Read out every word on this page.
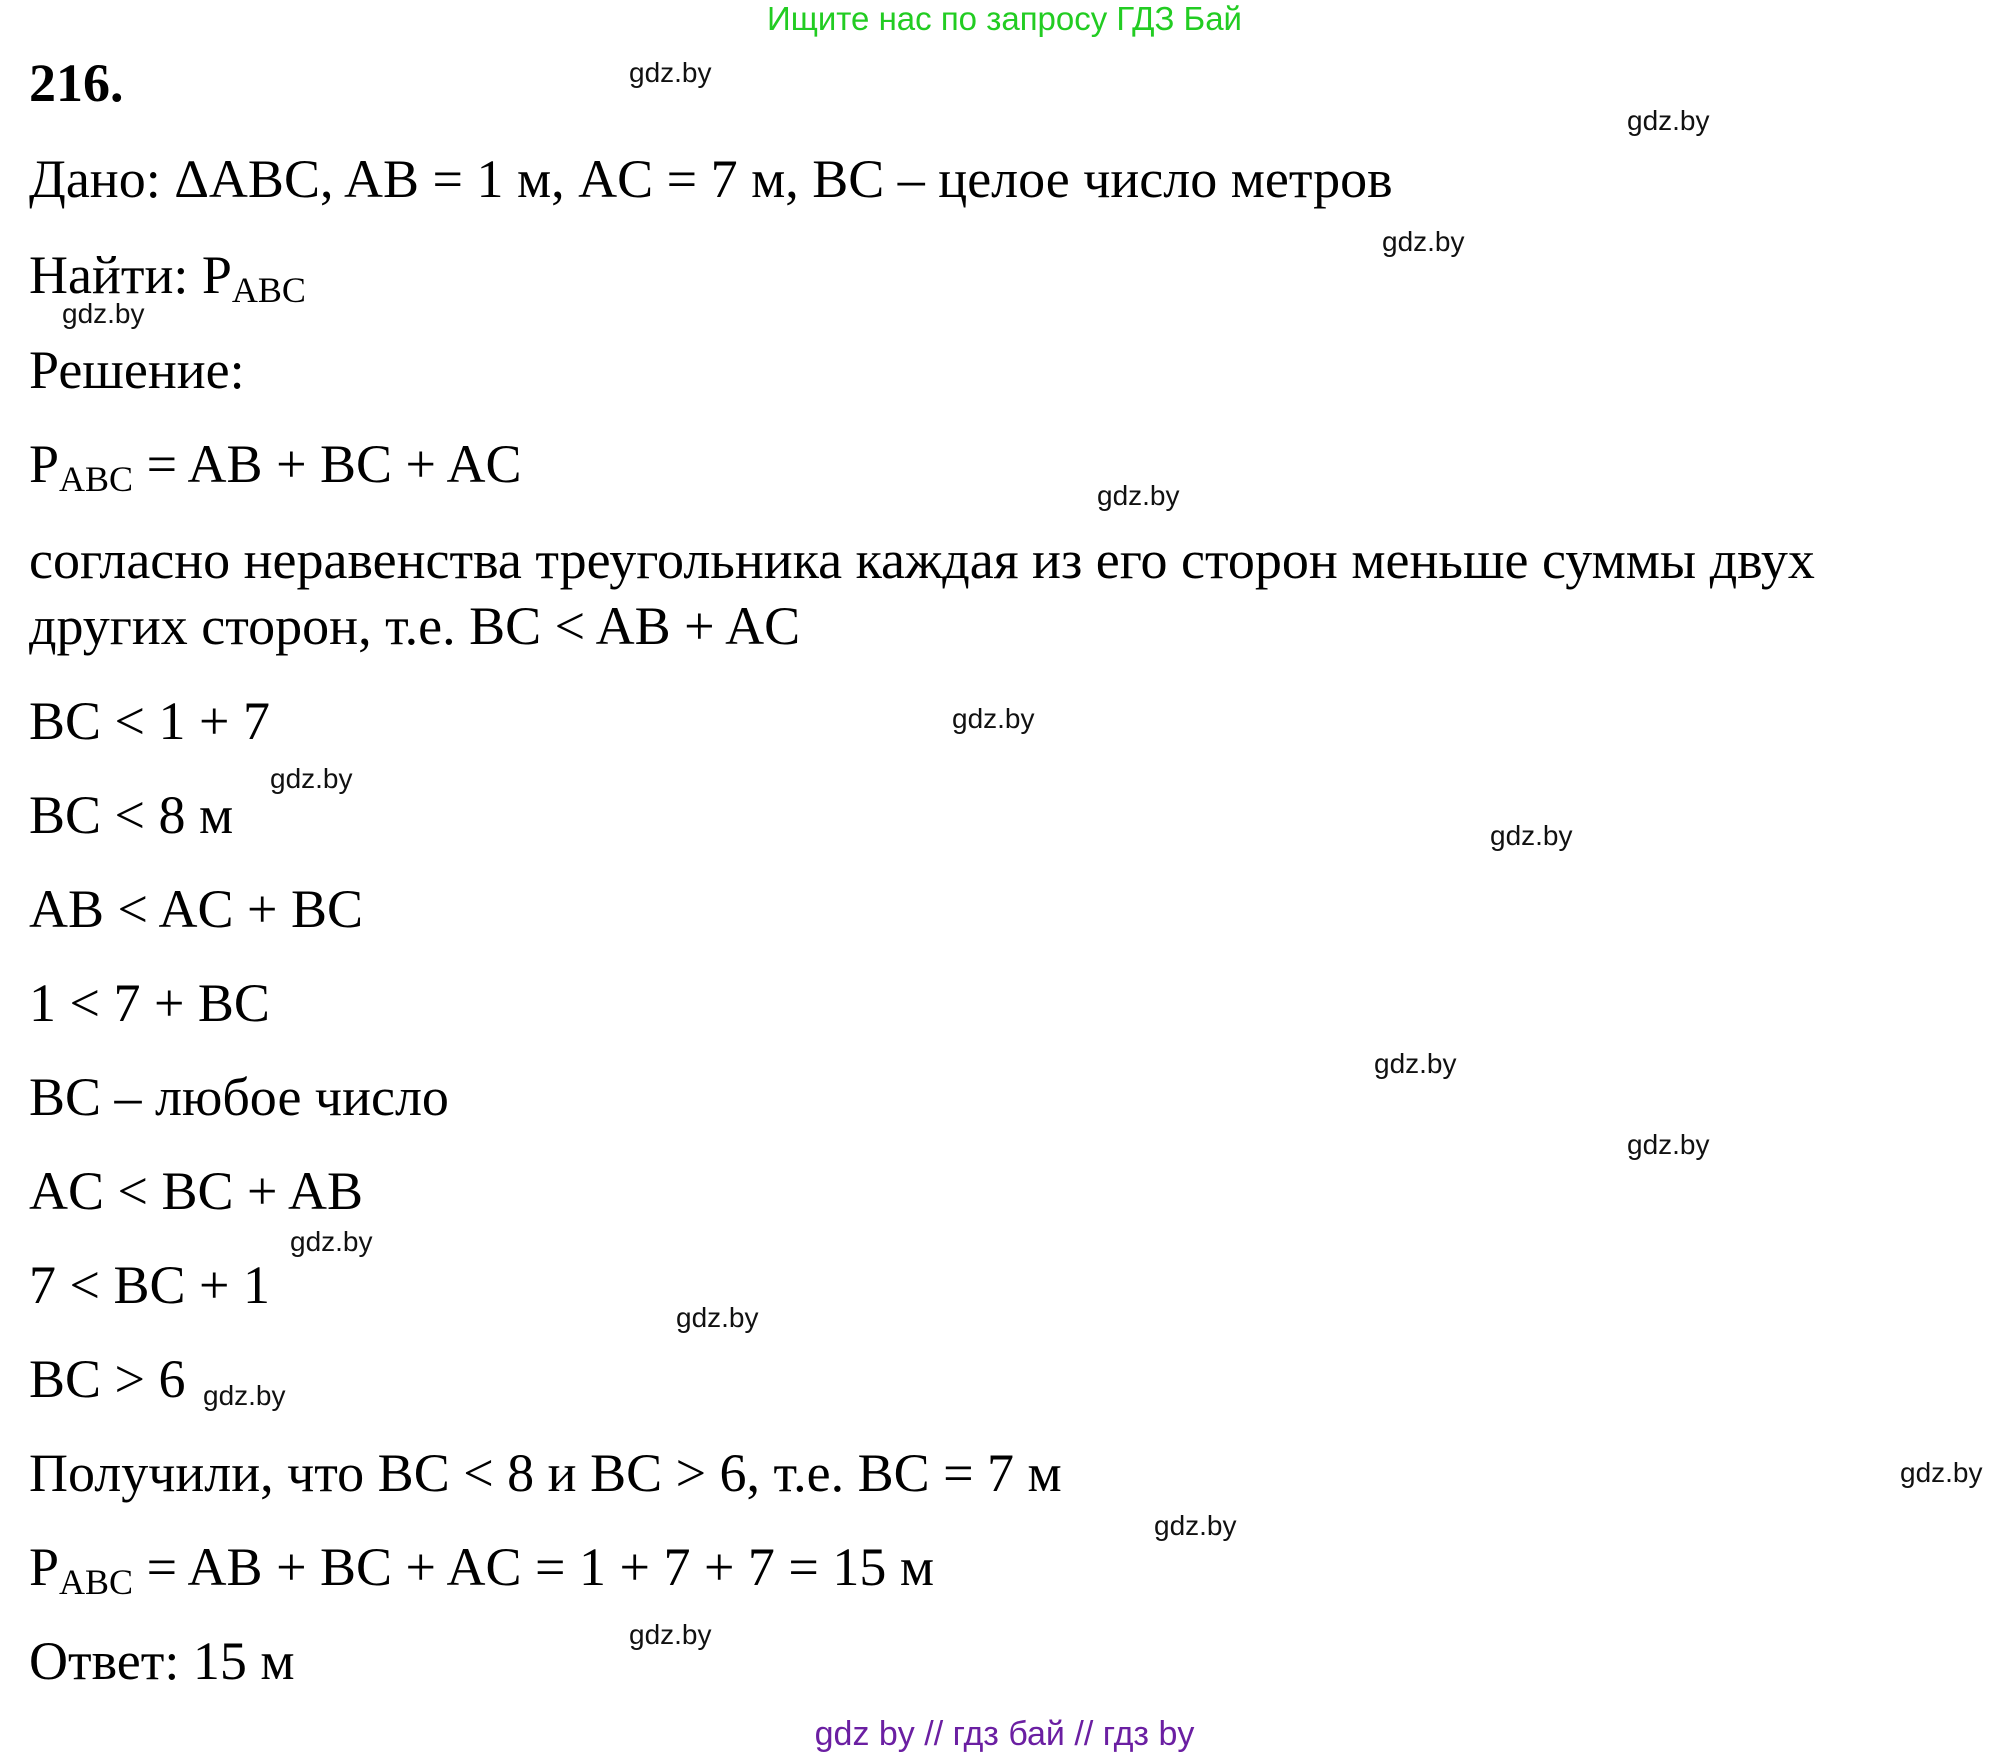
Ищите нас по запросу ГДЗ Бай
216.
Дано: ΔABC, AB = 1 м, AC = 7 м, BC – целое число метров
Найти: $P_{ABC}$
Решение:
$P_{ABC}$ = AB + BC + AC
согласно неравенства треугольника каждая из его сторон меньше суммы двух
других сторон, т.е. BC < AB + AC
BC < 1 + 7
BC < 8 м
AB < AC + BC
1 < 7 + BC
BC – любое число
AC < BC + AB
7 < BC + 1
BC > 6
Получили, что BC < 8 и BC > 6, т.е. BC = 7 м
$P_{ABC}$ = AB + BC + AC = 1 + 7 + 7 = 15 м
Ответ: 15 м
gdz.by
gdz.by
gdz.by
gdz.by
gdz.by
gdz.by
gdz.by
gdz.by
gdz.by
gdz.by
gdz.by
gdz.by
gdz.by
gdz.by
gdz.by
gdz.by
gdz by // гдз бай // гдз by
